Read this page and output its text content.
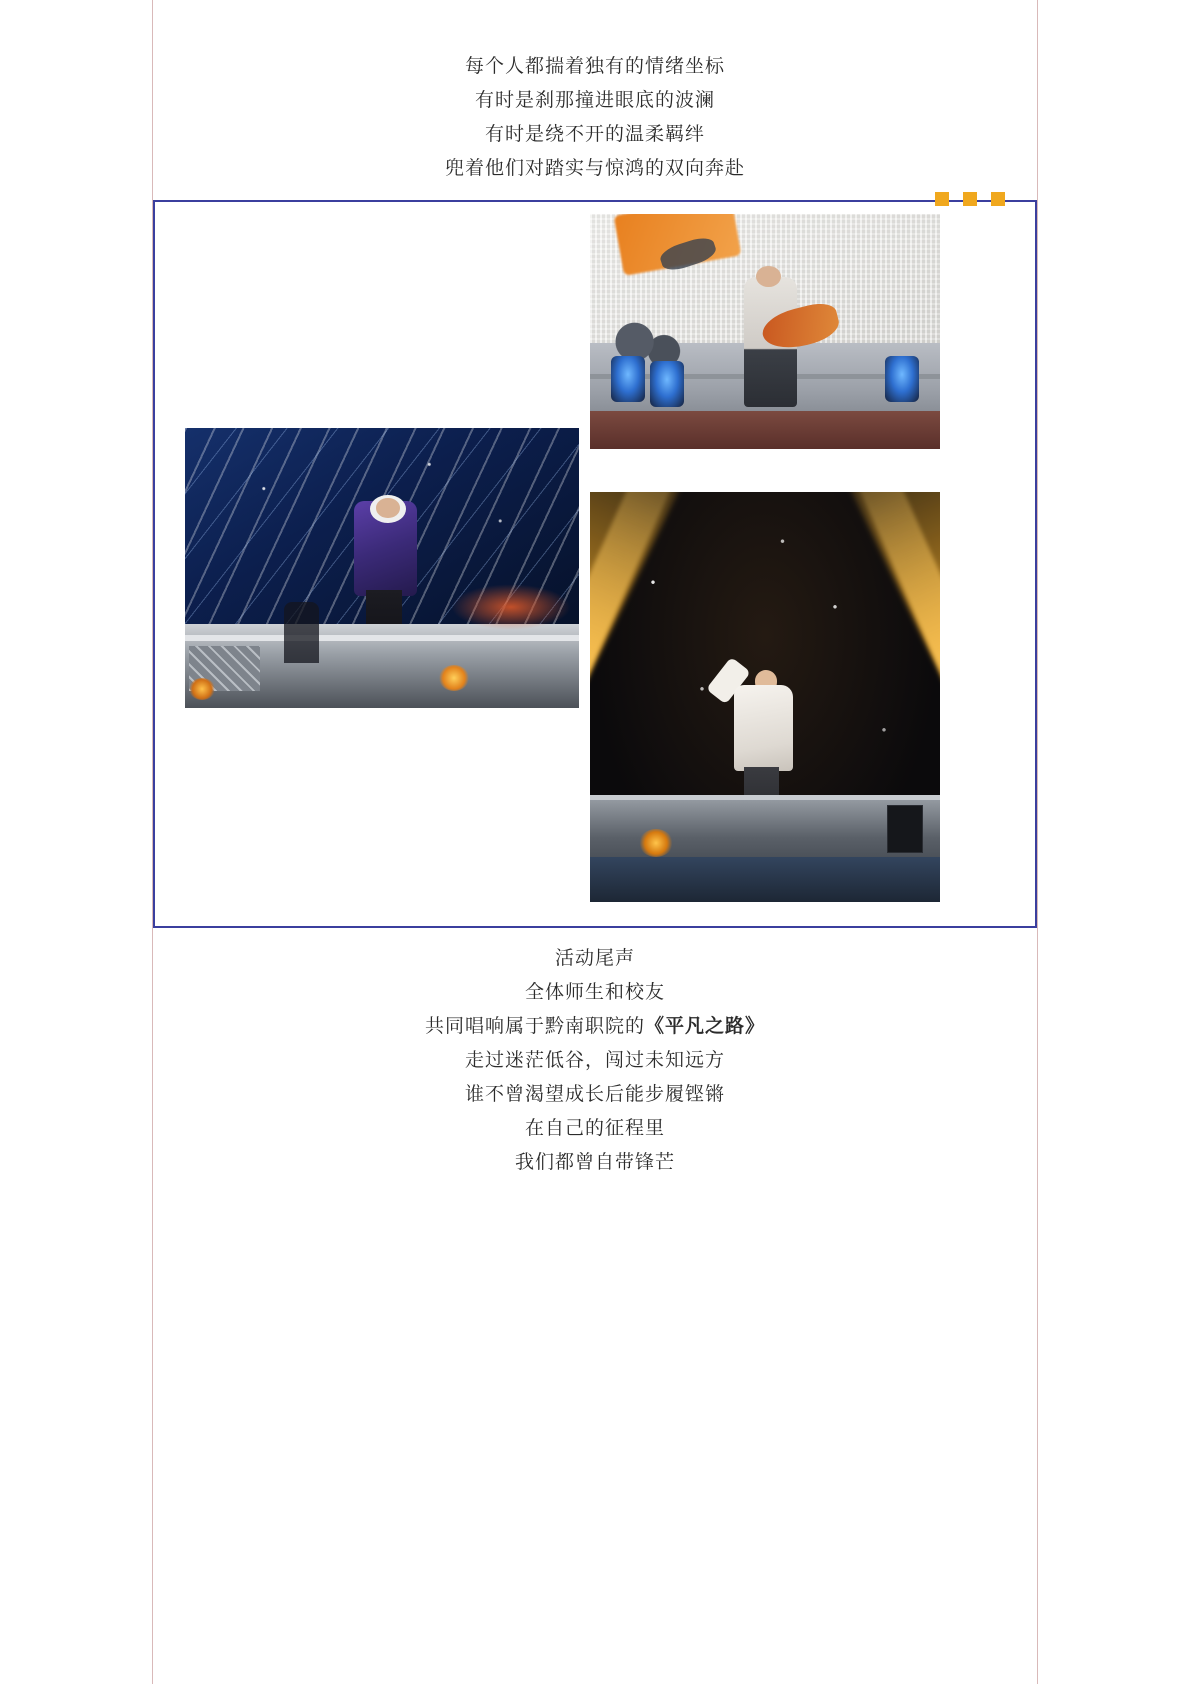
每个人都揣着独有的情绪坐标
有时是刹那撞进眼底的波澜
有时是绕不开的温柔羁绊
兜着他们对踏实与惊鸿的双向奔赴
活动尾声
全体师生和校友
共同唱响属于黔南职院的《平凡之路》
走过迷茫低谷，闯过未知远方
谁不曾渴望成长后能步履铿锵
在自己的征程里
我们都曾自带锋芒
